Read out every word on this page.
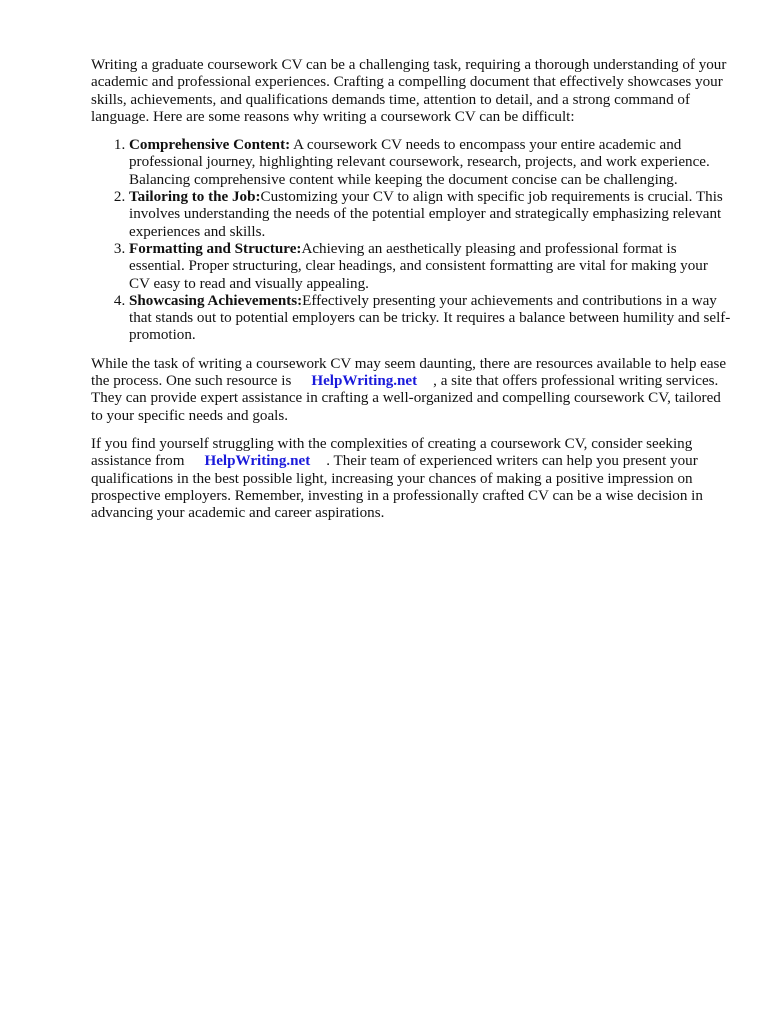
Writing a graduate coursework CV can be a challenging task, requiring a thorough understanding of your academic and professional experiences. Crafting a compelling document that effectively showcases your skills, achievements, and qualifications demands time, attention to detail, and a strong command of language. Here are some reasons why writing a coursework CV can be difficult:

1. Comprehensive Content: A coursework CV needs to encompass your entire academic and professional journey, highlighting relevant coursework, research, projects, and work experience. Balancing comprehensive content while keeping the document concise can be challenging.
2. Tailoring to the Job:Customizing your CV to align with specific job requirements is crucial. This involves understanding the needs of the potential employer and strategically emphasizing relevant experiences and skills.
3. Formatting and Structure:Achieving an aesthetically pleasing and professional format is essential. Proper structuring, clear headings, and consistent formatting are vital for making your CV easy to read and visually appealing.
4. Showcasing Achievements:Effectively presenting your achievements and contributions in a way that stands out to potential employers can be tricky. It requires a balance between humility and self-promotion.

While the task of writing a coursework CV may seem daunting, there are resources available to help ease the process. One such resource is HelpWriting.net , a site that offers professional writing services. They can provide expert assistance in crafting a well-organized and compelling coursework CV, tailored to your specific needs and goals.

If you find yourself struggling with the complexities of creating a coursework CV, consider seeking assistance from HelpWriting.net . Their team of experienced writers can help you present your qualifications in the best possible light, increasing your chances of making a positive impression on prospective employers. Remember, investing in a professionally crafted CV can be a wise decision in advancing your academic and career aspirations.
